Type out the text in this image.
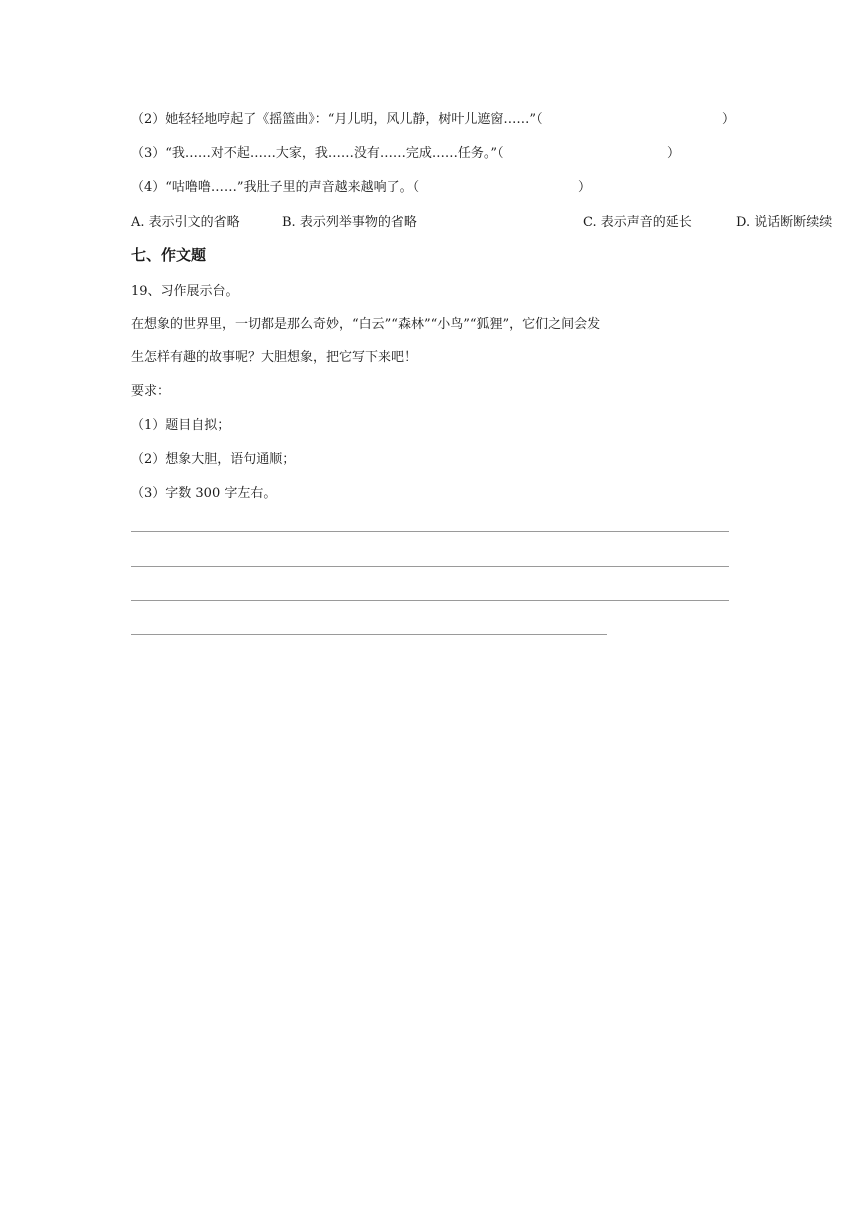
（2）她轻轻地哼起了《摇篮曲》：“月儿明，风儿静，树叶儿遮窗……”（	）
（3）“我……对不起……大家，我……没有……完成……任务。”（	）
（4）“咕噜噜……”我肚子里的声音越来越响了。（	）
A. 表示引文的省略	B. 表示列举事物的省略	C. 表示声音的延长	D. 说话断断续续
七、作文题
19、习作展示台。
在想象的世界里，一切都是那么奇妙，“白云”“森林”“小鸟”“狐狸”，它们之间会发
生怎样有趣的故事呢？大胆想象，把它写下来吧！
要求：
（1）题目自拟；
（2）想象大胆，语句通顺；
（3）字数 300 字左右。
